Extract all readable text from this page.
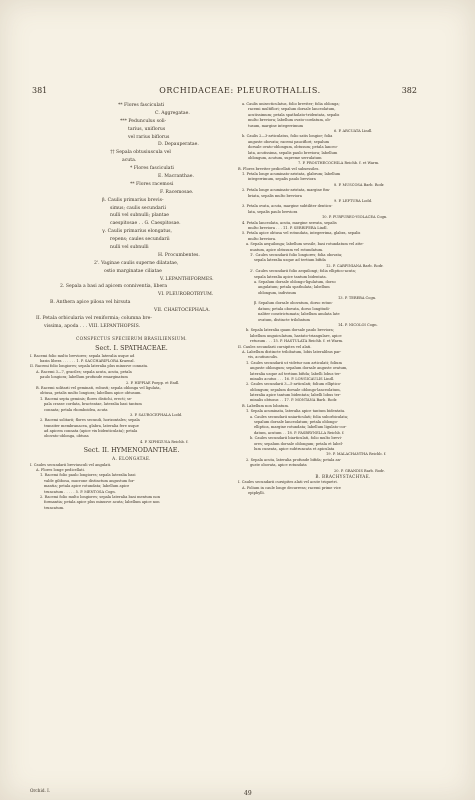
381	ORCHIDACEAE: PLEUROTHALLIS.	382
** Flores fasciculati
C. Aggregatae.
*** Pedunculus soli-
tarius, uniflorus
vel rarius biflorus
D. Depauperatae.
†† Sepala obtusiuscula vel
acuta.
* Flores fasciculati
E. Macranthae.
** Flores racemosi
F. Racemosae.
β. Caulis primarius brevis-
simus; caulis secundarii
nulli vel subnulli; plantae
caespitosae . . G. Caespitosae.
γ. Caulis primarius elongatus,
repens; caules secundarii
nulli vel subnulli
H. Procumbentes.
2'. Vaginae caulis superne dilatatae,
ostio marginatae ciliatae
V. LEPANTHIFORMES.
2. Sepala a basi ad apicem conniventia, libera
VI. PLEUROBOTRYUM.
B. Anthera apice pilosa vel hirsuta
VII. CHAETOCEPHALA.
II. Petala orbicularia vel reniformia; columna bre-
vissima, apoda . . . VIII. LEPANTHOPSIS.
CONSPECTUS SPECIERUM BRASILIENSIUM.
Sect. I. SPATHACEAE.
I. Racemi folio multo breviores; sepala lateralia usque ad
basin libera . . . . . . 1. P. SACCHARIFLORA Kraenzl.
II. Racemi folio longiores; sepala lateralia plus minusve connata.
A. Racemi 3—7, graciles; sepala acuta, acuta, petala
paulo longiora; labellum profunde emarginatum
2. P. HIPPIAE Poepp. et Endl.
B. Racemi solitarii vel geminati, robusti; sepala oblonga vel ligulata,
obtusa, petalis multo longiora; labellum apice obtusum.
1. Racemi septa geminis; flores distichi, erecti; se-
pala crasse cordata, bracteatae, lateralia basi tantum
connata; petala rhomboidea, acuta
3. P. SAUROCEPHALA Lodd.
2. Racemi solitarii; flores secundi, horizontales; sepala
transiter membranacea, glabra, lateralia fere usque
ad apicem connata (apice vix bidenticulata); petala
obovato-oblonga, obtusa
4. P. XIPHIZUSA Reichb. f.
Sect. II. HYMENODANTHAE.
A. ELONGATAE.
I. Caules secundarii breviusculi vel angulati.
A. Flores longe pedicellati.
1. Racemi folio paulo longiores; sepala lateralia basi
valde gibbosa, mucrone distinctum angustum for-
mantia; petala apice rotundata; labellum apice
truncatum . . . . . 5. P. MENTOSA Cogn.
2. Racemi folio multo longiores; sepala lateralia basi mentum non
formantia; petala apice plus minusve acuta; labellum apice non
truncatum.
a. Caulis unisecticulatus, folio breviter; folia oblonga;
racemi multiflori; sepalum dorsale lanceolatum,
acutissimum; petala spathulato-tridentata, sepalis
multo breviora; labellum ovato-cordatum, ob-
tusum, margine integerrimum
6. P. ARCUATA Lindl.
b. Caulis 2—3-articulatus, folio satis longior; folia
anguste obovata; racemi pauciflori; sepalum
dorsale ovato-oblongum, obtusum; petala lanceo-
lata, acutissima, sepalis paulo breviora; labellum
oblongum, acutum, supreme serrulatum
7. P. PROSTHECOCHILA Reichb. f. et Warm.
B. Flores breviter pedicellati vel subsessiles.
1. Petala longe acuminato-aristata, glabrum; labellum
integerrimum, sepalis paulo breviora
8. P. MUSCOSA Barb. Rodr.
2. Petala longe acuminato-aristata, margine fim-
briata, sepalis multo breviora
9. P. LEPTURA Lodd.
3. Petala ovata, acuta, margine subtiliter denticu-
lata, sepalis paulo breviora
10. P. PURPUREO-VIOLACEA Cogn.
4. Petala lanceolata, acuta, margine serrata, sepalis
multo breviora . . . 11. P. SERRIFERA Lindl.
5. Petala apice obtusa vel rotundata, integerrima, glabra, sepalis
multo breviora.
a. Sepala aequilonga; labellum sessile, basi rotundatum vel atte-
nuatum, apice obtusum vel rotundatum.
1'. Caules secundarii folio longiores; folia obovata;
sepala lateralia usque ad tertium bifida
12. P. CARPINIANA Barb. Rodr.
2'. Caules secundarii folio aequilongi; folia elliptico-acuta;
sepala lateralia apice tantum bidentata.
a. Sepalum dorsale oblongo-ligulatum, dorso
angulatum; petala spathulata; labellum
oblongum, indivisum
13. P. TEREBA Cogn.
β. Sepalum dorsale obovatum, dorso rotun-
datum; petala obovata, dorso longitudi-
naliter constrictumata; labellum anulata late
ovatum, distincte trilobatum
14. P. NICOLOI Cogn.
b. Sepala lateralia quam dorsale paulo breviora;
labellum unguiculatum, hastato-triangulare, apice
retusum . . . 15. P. HASTULATA Reichb. f. et Warm.
II. Caules secundarii cursipites vel alati.
A. Labellum distincte trilobatum, lobis lateralibus par-
vis, acutiusculis.
1. Caules secundarii ut videtur non articulati; folium
anguste oblongum; sepalum dorsale anguste ovatum,
lateralia usque ad tertium bifida; labelli lobus ter-
minalis acutus . . . 16. P. LONGICAULIS Lindl.
2. Caules secundarii 3—5-articulati; folium elliptico-
oblongum; sepalum dorsale oblongo-lanceolatum,
lateralia apice tantum bidentata; labelli lobus ter-
minalis obtusus . . 17. P. MONTANA Barb. Rodr.
B. Labellum non lobatum.
1. Sepala acuminata, lateralia apice tantum bidentata.
a. Caules secundarii uniarticulati; folia suborbiculata;
sepalum dorsale lanceolatum; petala oblongo-
elliptica, margine rotundata; labellum ligulato-cor-
datum, acutum . . 18. P. FASBRYNELLA Reichb. f.
b. Caules secundarii biarticulati, folio multo brevi-
ores; sepalum dorsale oblongum; petala et label-
lum cuneata, apice subtruncata et apiculata
19. P. MALACHANTHA Reichb. f.
2. Sepala acuta, lateralia profunde bifida; petala an-
guste obovata, apice rotundata
20. P. GRANDIS Barb. Rodr.
B. BRACHYSTACHYAE.
I. Caules secundarii cursipites alati vel acute triquetri.
A. Folium in caule longe decurrens; racemi prime vice
epiphylli.
Orchid. I.	49
